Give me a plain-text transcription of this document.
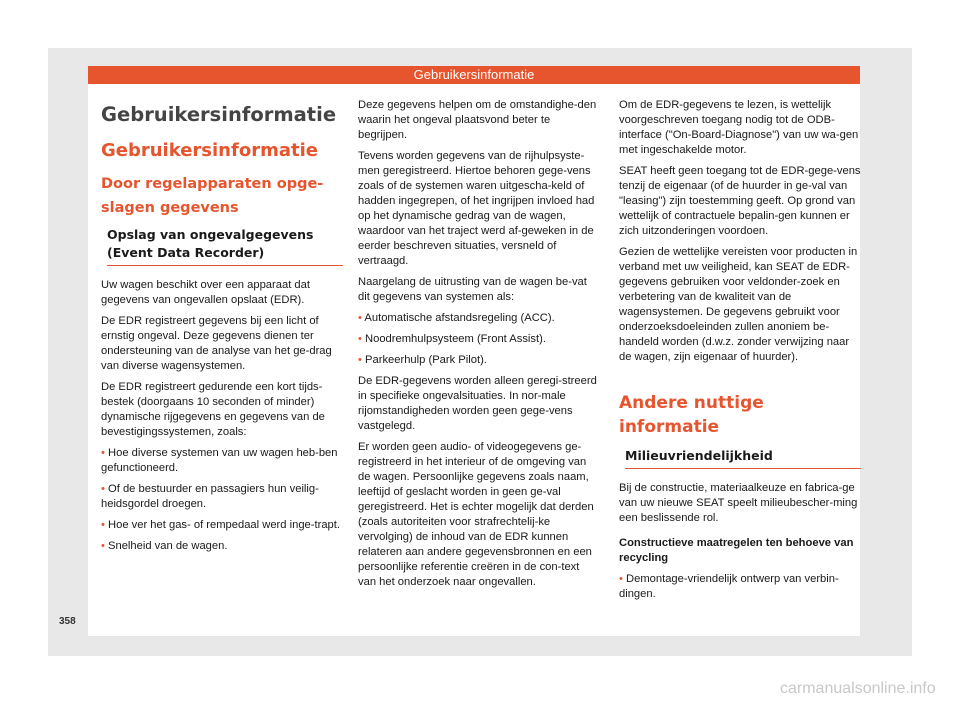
Gebruikersinformatie
Gebruikersinformatie
Gebruikersinformatie
Door regelapparaten opge-slagen gegevens
Opslag van ongevalgegevens (Event Data Recorder)

Uw wagen beschikt over een apparaat dat gegevens van ongevallen opslaat (EDR).

De EDR registreert gegevens bij een licht of ernstig ongeval. Deze gegevens dienen ter ondersteuning van de analyse van het ge-drag van diverse wagensystemen.

De EDR registreert gedurende een kort tijds-bestek (doorgaans 10 seconden of minder) dynamische rijgegevens en gegevens van de bevestigingssystemen, zoals:

• Hoe diverse systemen van uw wagen heb-ben gefunctioneerd.
• Of de bestuurder en passagiers hun veilig-heidsgordel droegen.
• Hoe ver het gas- of rempedaal werd inge-trapt.
• Snelheid van de wagen.

Deze gegevens helpen om de omstandighe-den waarin het ongeval plaatsvond beter te begrijpen.

Tevens worden gegevens van de rijhulpsyste-men geregistreerd. Hiertoe behoren gege-vens zoals of de systemen waren uitgescha-keld of hadden ingegrepen, of het ingrijpen invloed had op het dynamische gedrag van de wagen, waardoor van het traject werd af-geweken in de eerder beschreven situaties, versneld of vertraagd.

Naargelang de uitrusting van de wagen be-vat dit gegevens van systemen als:

• Automatische afstandsregeling (ACC).
• Noodremhulpsysteem (Front Assist).
• Parkeerhulp (Park Pilot).

De EDR-gegevens worden alleen geregi-streerd in specifieke ongevalsituaties. In nor-male rijomstandigheden worden geen gege-vens vastgelegd.

Er worden geen audio- of videogegevens ge-registreerd in het interieur of de omgeving van de wagen. Persoonlijke gegevens zoals naam, leeftijd of geslacht worden in geen ge-val geregistreerd. Het is echter mogelijk dat derden (zoals autoriteiten voor strafrechtelij-ke vervolging) de inhoud van de EDR kunnen relateren aan andere gegevensbronnen en een persoonlijke referentie creëren in de con-text van het onderzoek naar ongevallen.

Om de EDR-gegevens te lezen, is wettelijk voorgeschreven toegang nodig tot de ODB-interface ("On-Board-Diagnose") van uw wa-gen met ingeschakelde motor.

SEAT heeft geen toegang tot de EDR-gege-vens tenzij de eigenaar (of de huurder in ge-val van "leasing") zijn toestemming geeft. Op grond van wettelijk of contractuele bepalin-gen kunnen er zich uitzonderingen voordoen.

Gezien de wettelijke vereisten voor producten in verband met uw veiligheid, kan SEAT de EDR-gegevens gebruiken voor veldonder-zoek en verbetering van de kwaliteit van de wagensystemen. De gegevens gebruikt voor onderzoeksdoeleinden zullen anoniem be-handeld worden (d.w.z. zonder verwijzing naar de wagen, zijn eigenaar of huurder).

Andere nuttige informatie
Milieuvriendelijkheid

Bij de constructie, materiaalkeuze en fabrica-ge van uw nieuwe SEAT speelt milieubescher-ming een beslissende rol.

Constructieve maatregelen ten behoeve van recycling
• Demontage-vriendelijk ontwerp van verbin-dingen.
358
carmanualsonline.info
